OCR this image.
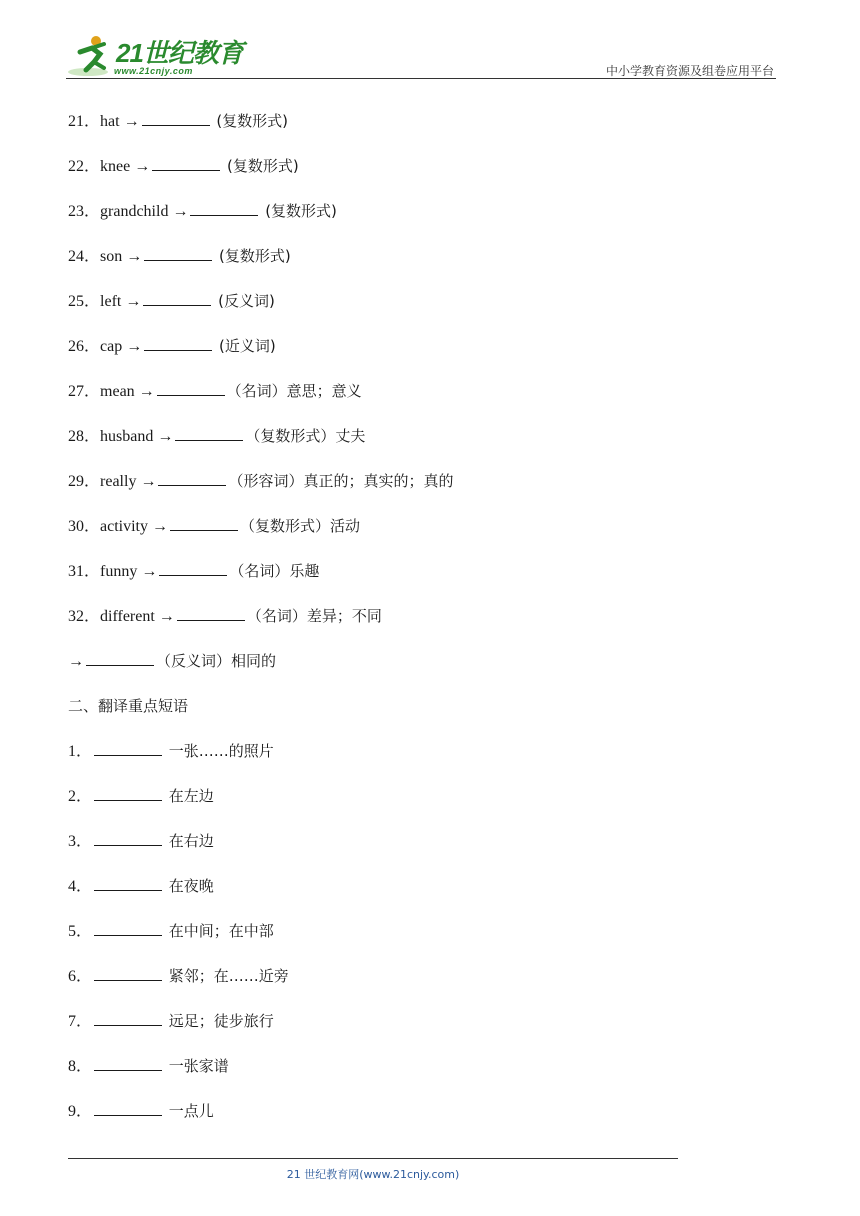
21世纪教育
www.21cnjy.com	中小学教育资源及组卷应用平台
21．hat →	(复数形式)
22．knee →	(复数形式)
23．grandchild →	(复数形式)
24．son →	(复数形式)
25．left →	(反义词)
26．cap →	(近义词)
27．mean →	（名词）意思；意义
28．husband →	（复数形式）丈夫
29．really →	（形容词）真正的；真实的；真的
30．activity →	（复数形式）活动
31．funny →	（名词）乐趣
32．different →	（名词）差异；不同
→	（反义词）相同的
二、翻译重点短语
1．	一张……的照片
2．	在左边
3．	在右边
4．	在夜晚
5．	在中间；在中部
6．	紧邻；在……近旁
7．	远足；徒步旅行
8．	一张家谱
9．	一点儿
21 世纪教育网(www.21cnjy.com)
